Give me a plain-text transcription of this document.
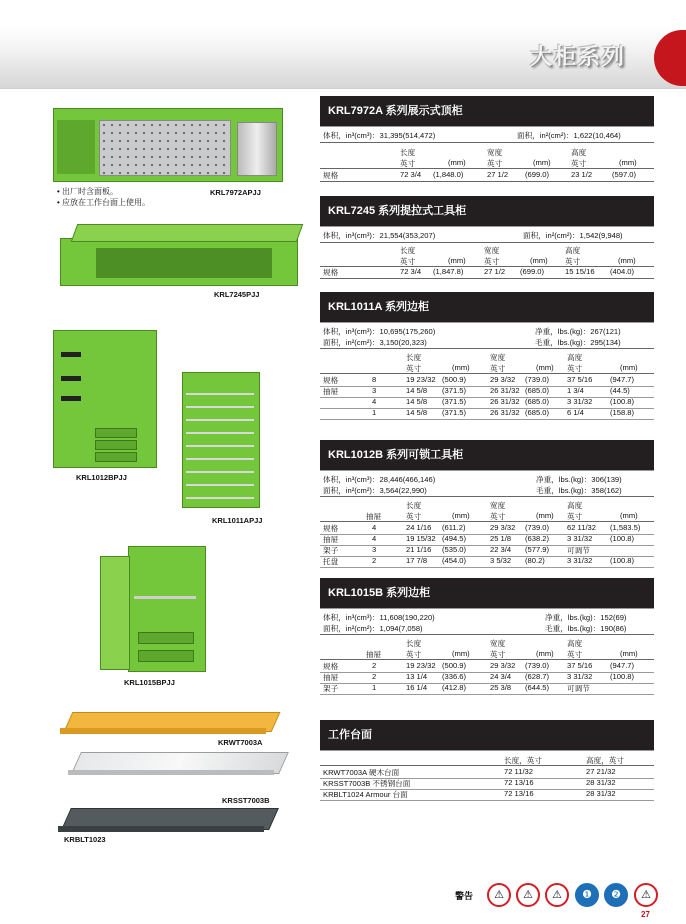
大柜系列
KRL7972APJJ
• 出厂时含面板。
• 应放在工作台面上使用。
KRL7245PJJ
KRL1012BPJJ
KRL1011APJJ
KRL1015BPJJ
KRWT7003A
KRSST7003B
KRBLT1023
KRL7972A 系列展示式顶柜
体积，in³(cm³)：31,395(514,472)	面积，in²(cm²)：1,622(10,464)
长度	宽度	高度
英寸	(mm)	英寸	(mm)	英寸	(mm)
规格	72 3/4 (1,848.0)	27 1/2 (699.0)	23 1/2	(597.0)
KRL7245 系列提拉式工具柜
体积，in³(cm³)：21,554(353,207)	面积，in²(cm²)：1,542(9,948)
长度	宽度	高度
英寸	(mm) 英寸	(mm) 英寸	(mm)
规格	72 3/4 (1,847.8)	27 1/2 (699.0)	15 15/16 (404.0)
KRL1011A 系列边柜
体积，in³(cm³)：10,695(175,260)	净重，lbs.(kg)：267(121)
面积，in²(cm²)：3,150(20,323)	毛重，lbs.(kg)：295(134)
长度	宽度	高度
英寸	(mm)	英寸	(mm) 英寸	(mm)
规格	8	19 23/32 (500.9)	29 3/32 (739.0) 37 5/16 (947.7)
抽屉	3	14 5/8 (371.5)	26 31/32 (685.0) 1 3/4	(44.5)
4	14 5/8 (371.5)	26 31/32 (685.0) 3 31/32 (100.8)
1	14 5/8 (371.5)	26 31/32 (685.0) 6 1/4	(158.8)
KRL1012B 系列可锁工具柜
体积，in³(cm³)：28,446(466,146)	净重，lbs.(kg)：306(139)
面积，in²(cm²)：3,564(22,990)	毛重，lbs.(kg)：358(162)
长度	宽度	高度
抽屉	英寸	(mm)	英寸	(mm) 英寸	(mm)
规格	4	24 1/16 (611.2)	29 3/32 (739.0) 62 11/32 (1,583.5)
抽屉	4	19 15/32 (494.5)	25 1/8 (638.2) 3 31/32 (100.8)
架子	3	21 1/16 (535.0)	22 3/4 (577.9) 可调节
托盘	2	17 7/8 (454.0)	3 5/32 (80.2)	3 31/32 (100.8)
KRL1015B 系列边柜
体积，in³(cm³)：11,608(190,220)	净重，lbs.(kg)：152(69)
面积，in²(cm²)：1,094(7,058)	毛重，lbs.(kg)：190(86)
长度	宽度	高度
抽屉	英寸	(mm)	英寸	(mm) 英寸	(mm)
规格	2	19 23/32 (500.9)	29 3/32 (739.0) 37 5/16 (947.7)
抽屉	2	13 1/4 (336.6)	24 3/4 (628.7) 3 31/32 (100.8)
架子	1	16 1/4 (412.8)	25 3/8 (644.5) 可调节
工作台面
长度，英寸	高度，英寸
KRWT7003A 硬木台面	72 11/32	27 21/32
KRSST7003B 不锈钢台面	72 13/16	28 31/32
KRBLT1024 Armour 台面	72 13/16	28 31/32
警告	⚠	⚠	⚠	❶	❷	⚠
27
